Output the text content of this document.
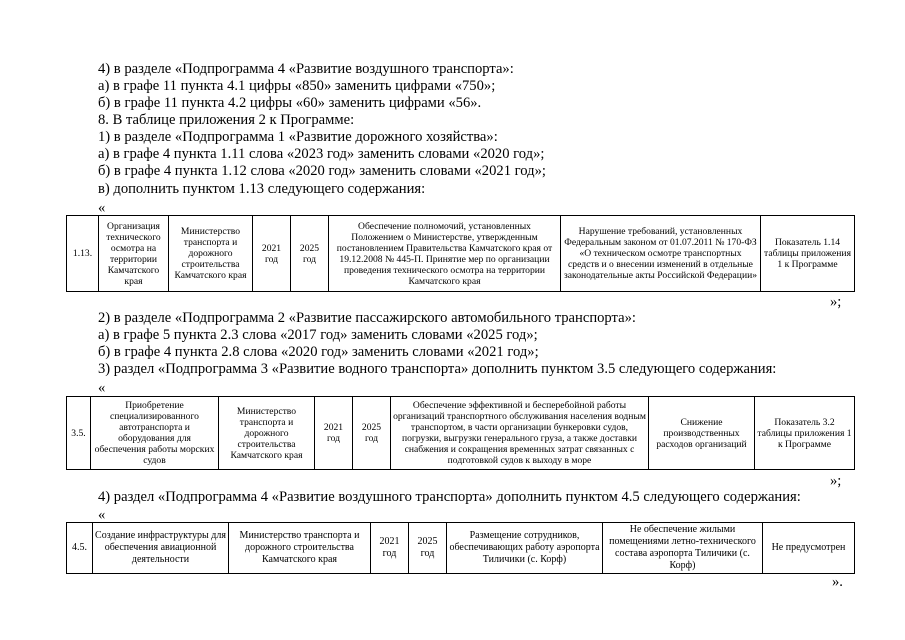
4) в разделе «Подпрограмма 4 «Развитие воздушного транспорта»:
а) в графе 11 пункта 4.1 цифры «850» заменить цифрами «750»;
б) в графе 11 пункта 4.2 цифры «60» заменить цифрами «56».
8. В таблице приложения 2 к Программе:
1) в разделе «Подпрограмма 1 «Развитие дорожного хозяйства»:
а) в графе 4 пункта 1.11 слова «2023 год» заменить словами «2020 год»;
б) в графе 4 пункта 1.12 слова «2020 год» заменить словами «2021 год»;
в) дополнить пунктом 1.13 следующего содержания:
«
1.13.	Организация технического осмотра на территории Камчатского края	Министерство транспорта и дорожного строительства Камчатского края	2021 год	2025 год	Обеспечение полномочий, установленных Положением о Министерстве, утвержденным постановлением Правительства Камчатского края от 19.12.2008 № 445-П. Принятие мер по организации проведения технического осмотра на территории Камчатского края	Нарушение требований, установленных Федеральным законом от 01.07.2011 № 170-ФЗ «О техническом осмотре транспортных средств и о внесении изменений в отдельные законодательные акты Российской Федерации»	Показатель 1.14 таблицы приложения 1 к Программе
»;
2) в разделе «Подпрограмма 2 «Развитие пассажирского автомобильного транспорта»:
а) в графе 5 пункта 2.3 слова «2017 год» заменить словами «2025 год»;
б) в графе 4 пункта 2.8 слова «2020 год» заменить словами «2021 год»;
3) раздел «Подпрограмма 3 «Развитие водного транспорта» дополнить пунктом 3.5 следующего содержания:
«
3.5.	Приобретение специализированного автотранспорта и оборудования для обеспечения работы морских судов	Министерство транспорта и дорожного строительства Камчатского края	2021 год	2025 год	Обеспечение эффективной и бесперебойной работы организаций транспортного обслуживания населения водным транспортом, в части организации бункеровки судов, погрузки, выгрузки генерального груза, а также доставки снабжения и сокращения временных затрат связанных с подготовкой судов к выходу в море	Снижение производственных расходов организаций	Показатель 3.2 таблицы приложения 1 к Программе
»;
4) раздел «Подпрограмма 4 «Развитие воздушного транспорта» дополнить пунктом 4.5 следующего содержания:
«
4.5.	Создание инфраструктуры для обеспечения авиационной деятельности	Министерство транспорта и дорожного строительства Камчатского края	2021 год	2025 год	Размещение сотрудников, обеспечивающих работу аэропорта Тиличики (с. Корф)	Не обеспечение жилыми помещениями летно-технического состава аэропорта Тиличики (с. Корф)	Не предусмотрен
».
